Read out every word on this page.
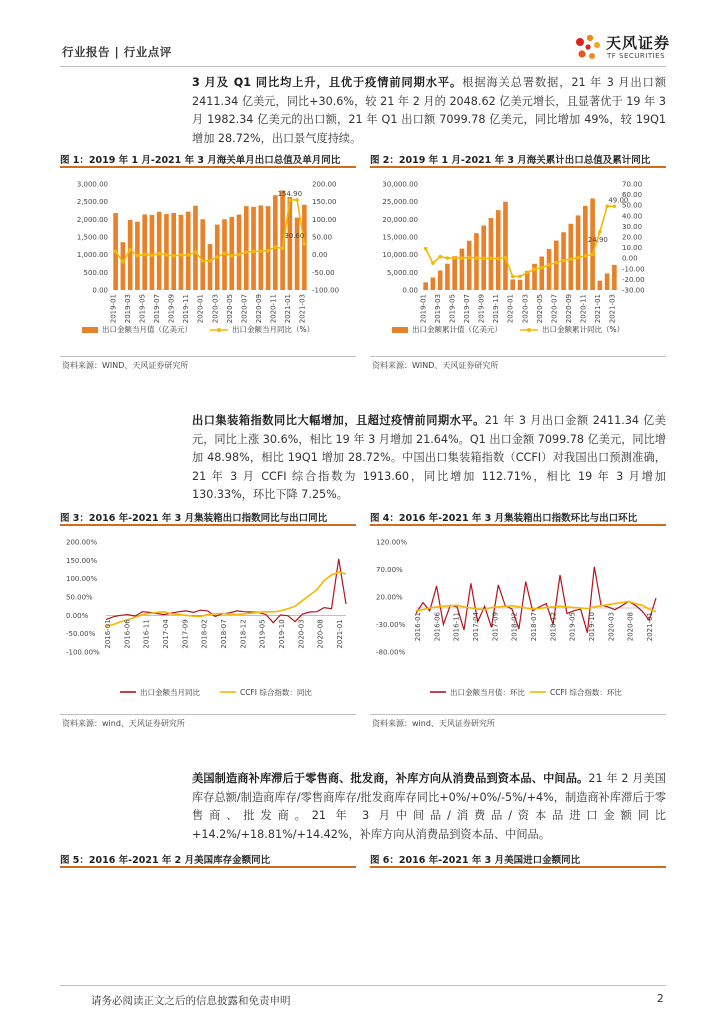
行业报告 | 行业点评	天风证券
TF SECURITIES
3 月及 Q1 同比均上升，且优于疫情前同期水平。根据海关总署数据，21 年 3 月出口额 2411.34 亿美元，同比+30.6%，较 21 年 2 月的 2048.62 亿美元增长，且显著优于 19 年 3 月 1982.34 亿美元的出口额，21 年 Q1 出口额 7099.78 亿美元，同比增加 49%，较 19Q1 增加 28.72%，出口景气度持续。
图 1：2019 年 1 月-2021 年 3 月海关单月出口总值及单月同比	图 2：2019 年 1 月-2021 年 3 月海关累计出口总值及累计同比
3,000.00
2,500.00
2,000.00
1,500.00
1,000.00
500.00
0.00
200.00
150.00
100.00
50.00
0.00
-50.00
-100.00
154.90
30.60
2019-01 2019-03 2019-05 2019-07 2019-09 2019-11 2020-01 2020-03 2020-05 2020-07 2020-09 2020-11 2021-01 2021-03
出口金额当月值（亿美元）	出口金额当月同比（%）
30,000.00
25,000.00
20,000.00
15,000.00
10,000.00
5,000.00
0.00
70.00
60.00
50.00
40.00
30.00
20.00
10.00
0.00
-10.00
-20.00
-30.00
49.00
24.90
2019-01 2019-03 2019-05 2019-07 2019-09 2019-11 2020-01 2020-03 2020-05 2020-07 2020-09 2020-11 2021-01 2021-03
出口金额累计值（亿美元）	出口金额累计同比（%）
资料来源：WIND、天风证券研究所	资料来源：WIND、天风证券研究所
出口集装箱指数同比大幅增加，且超过疫情前同期水平。21 年 3 月出口金额 2411.34 亿美元，同比上涨 30.6%，相比 19 年 3 月增加 21.64%。Q1 出口金额 7099.78 亿美元，同比增加 48.98%，相比 19Q1 增加 28.72%。中国出口集装箱指数（CCFI）对我国出口预测准确，21 年 3 月 CCFI 综合指数为 1913.60，同比增加 112.71%，相比 19 年 3 月增加 130.33%，环比下降 7.25%。
图 3：2016 年-2021 年 3 月集装箱出口指数同比与出口同比	图 4：2016 年-2021 年 3 月集装箱出口指数环比与出口环比
200.00%
150.00%
100.00%
50.00%
0.00%
-50.00%
-100.00%
2016-01 2016-06 2016-11 2017-04 2017-09 2018-02 2018-07 2018-12 2019-05 2019-10 2020-03 2020-08 2021-01
出口金额当月同比	CCFI 综合指数：同比
120.00%
70.00%
20.00%
-30.00%
-80.00%
2016-01 2016-06 2016-11 2017-04 2017-09 2018-02 2018-07 2018-12 2019-05 2019-10 2020-03 2020-08 2021-01
出口金额当月值：环比	CCFI 综合指数：环比
资料来源：wind、天风证券研究所	资料来源：wind、天风证券研究所
美国制造商补库滞后于零售商、批发商，补库方向从消费品到资本品、中间品。21 年 2 月美国库存总额/制造商库存/零售商库存/批发商库存同比+0%/+0%/-5%/+4%，制造商补库滞后于零售商、批发商。21 年 3 月中间品/消费品/资本品进口金额同比+14.2%/+18.81%/+14.42%，补库方向从消费品到资本品、中间品。
图 5：2016 年-2021 年 2 月美国库存金额同比	图 6：2016 年-2021 年 3 月美国进口金额同比
请务必阅读正文之后的信息披露和免责申明	2
